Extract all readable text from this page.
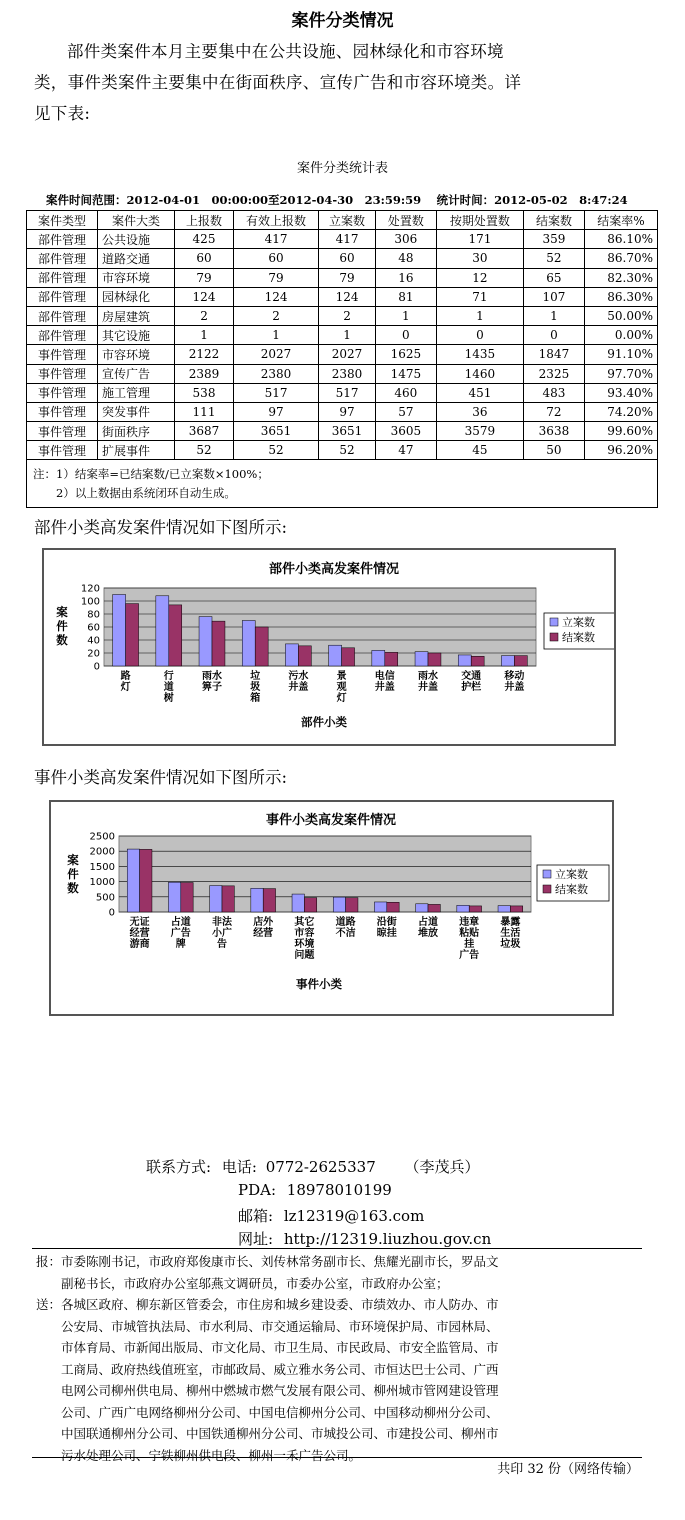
案件分类情况
部件类案件本月主要集中在公共设施、园林绿化和市容环境
类，事件类案件主要集中在街面秩序、宣传广告和市容环境类。详
见下表:
案件分类统计表
案件时间范围：2012-04-01　00:00:00至2012-04-30　23:59:59　 统计时间：2012-05-02　8:47:24
案件类型	案件大类	上报数	有效上报数	立案数	处置数	按期处置数	结案数	结案率%
部件管理	公共设施	425	417	417	306	171	359	86.10%
部件管理	道路交通	60	60	60	48	30	52	86.70%
部件管理	市容环境	79	79	79	16	12	65	82.30%
部件管理	园林绿化	124	124	124	81	71	107	86.30%
部件管理	房屋建筑	2	2	2	1	1	1	50.00%
部件管理	其它设施	1	1	1	0	0	0	0.00%
事件管理	市容环境	2122	2027	2027	1625	1435	1847	91.10%
事件管理	宣传广告	2389	2380	2380	1475	1460	2325	97.70%
事件管理	施工管理	538	517	517	460	451	483	93.40%
事件管理	突发事件	111	97	97	57	36	72	74.20%
事件管理	街面秩序	3687	3651	3651	3605	3579	3638	99.60%
事件管理	扩展事件	52	52	52	47	45	50	96.20%
注：1）结案率=已结案数/已立案数×100%；
　　2）以上数据由系统闭环自动生成。
部件小类高发案件情况如下图所示:
部件小类高发案件情况
0
20
40
60
80
100
120
案
件
数
路
灯
行
道
树
雨水
箅子
垃
圾
箱
污水
井盖
景
观
灯
电信
井盖
雨水
井盖
交通
护栏
移动
井盖
部件小类
立案数
结案数
事件小类高发案件情况如下图所示:
事件小类高发案件情况
0
500
1000
1500
2000
2500
案
件
数
无证
经营
游商
占道
广告
牌
非法
小广
告
店外
经营
其它
市容
环境
问题
道路
不洁
沿街
晾挂
占道
堆放
违章
粘贴
挂
广告
暴露
生活
垃圾
事件小类
立案数
结案数
联系方式: 电话: 0772-2625337 （李茂兵）
PDA: 18978010199
邮箱: lz12319@163.com
网址: http://12319.liuzhou.gov.cn
报：市委陈刚书记，市政府郑俊康市长、刘传林常务副市长、焦耀光副市长，罗品文
　　副秘书长，市政府办公室邬燕文调研员，市委办公室，市政府办公室；
送：各城区政府、柳东新区管委会，市住房和城乡建设委、市绩效办、市人防办、市
　　公安局、市城管执法局、市水利局、市交通运输局、市环境保护局、市园林局、
　　市体育局、市新闻出版局、市文化局、市卫生局、市民政局、市安全监管局、市
　　工商局、政府热线值班室，市邮政局、威立雅水务公司、市恒达巴士公司、广西
　　电网公司柳州供电局、柳州中燃城市燃气发展有限公司、柳州城市管网建设管理
　　公司、广西广电网络柳州分公司、中国电信柳州分公司、中国移动柳州分公司、
　　中国联通柳州分公司、中国铁通柳州分公司、市城投公司、市建投公司、柳州市
　　污水处理公司、宁铁柳州供电段、柳州一禾广告公司。
共印 32 份（网络传输）
